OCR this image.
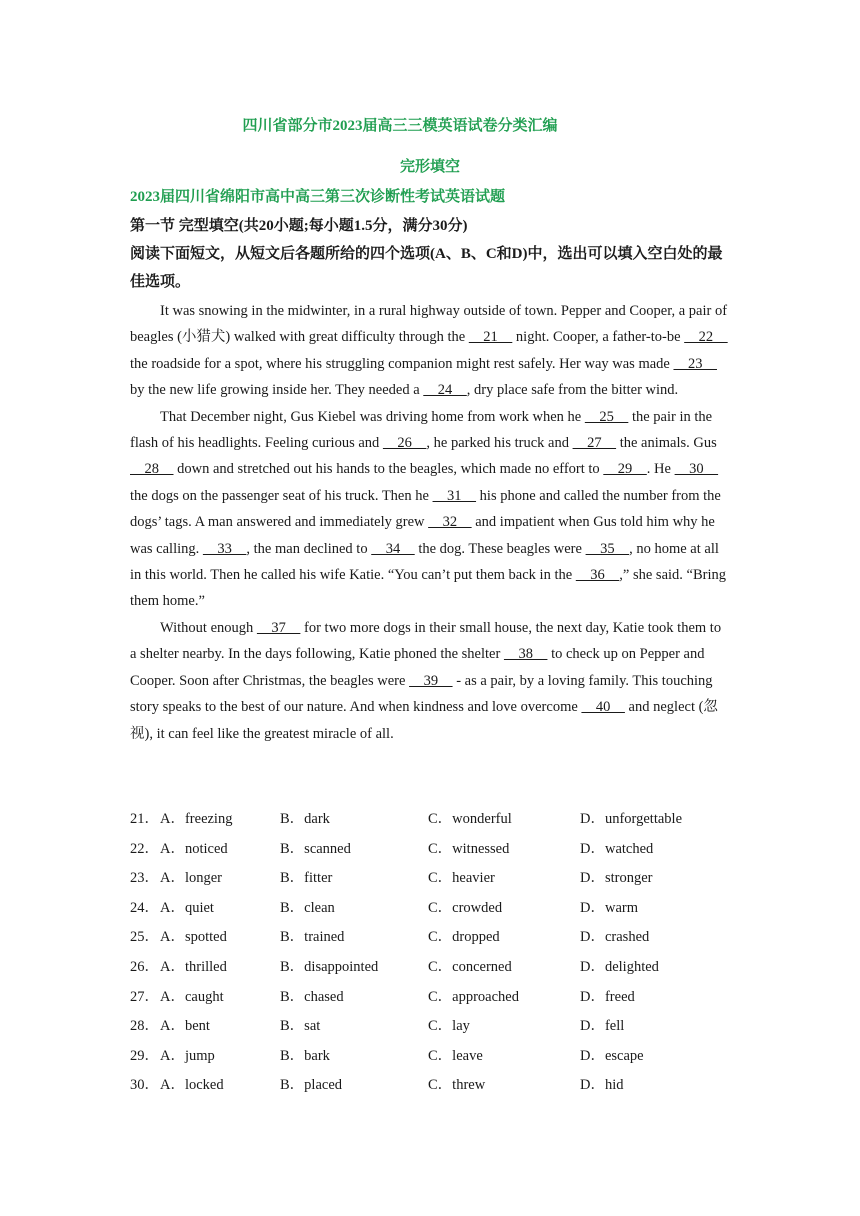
四川省部分市2023届高三三模英语试卷分类汇编
完形填空
2023届四川省绵阳市高中高三第三次诊断性考试英语试题
第一节 完型填空(共20小题;每小题1.5分，满分30分)
阅读下面短文，从短文后各题所给的四个选项(A、B、C和D)中，选出可以填入空白处的最佳选项。

It was snowing in the midwinter, in a rural highway outside of town. Pepper and Cooper, a pair of beagles (小猎犬) walked with great difficulty through the     21     night. Cooper, a father-to-be     22     the roadside for a spot, where his struggling companion might rest safely. Her way was made     23     by the new life growing inside her. They needed a     24    , dry place safe from the bitter wind.

That December night, Gus Kiebel was driving home from work when he     25     the pair in the flash of his headlights. Feeling curious and     26    , he parked his truck and     27     the animals. Gus     28     down and stretched out his hands to the beagles, which made no effort to     29    . He     30     the dogs on the passenger seat of his truck. Then he     31     his phone and called the number from the dogs’ tags. A man answered and immediately grew     32     and impatient when Gus told him why he was calling.     33    , the man declined to     34     the dog. These beagles were     35    , no home at all in this world. Then he called his wife Katie. “You can’t put them back in the     36    ,” she said. “Bring them home.”

Without enough     37     for two more dogs in their small house, the next day, Katie took them to a shelter nearby. In the days following, Katie phoned the shelter     38     to check up on Pepper and Cooper. Soon after Christmas, the beagles were     39     - as a pair, by a loving family. This touching story speaks to the best of our nature. And when kindness and love overcome     40     and neglect (忽视), it can feel like the greatest miracle of all.

21． A．freezing	B．dark	C．wonderful	D．unforgettable
22． A．noticed	B．scanned	C．witnessed	D．watched
23． A．longer	B．fitter	C．heavier	D．stronger
24． A．quiet	B．clean	C．crowded	D．warm
25． A．spotted	B．trained	C．dropped	D．crashed
26． A．thrilled	B．disappointed	C．concerned	D．delighted
27． A．caught	B．chased	C．approached	D．freed
28． A．bent	B．sat	C．lay	D．fell
29． A．jump	B．bark	C．leave	D．escape
30． A．locked	B．placed	C．threw	D．hid
